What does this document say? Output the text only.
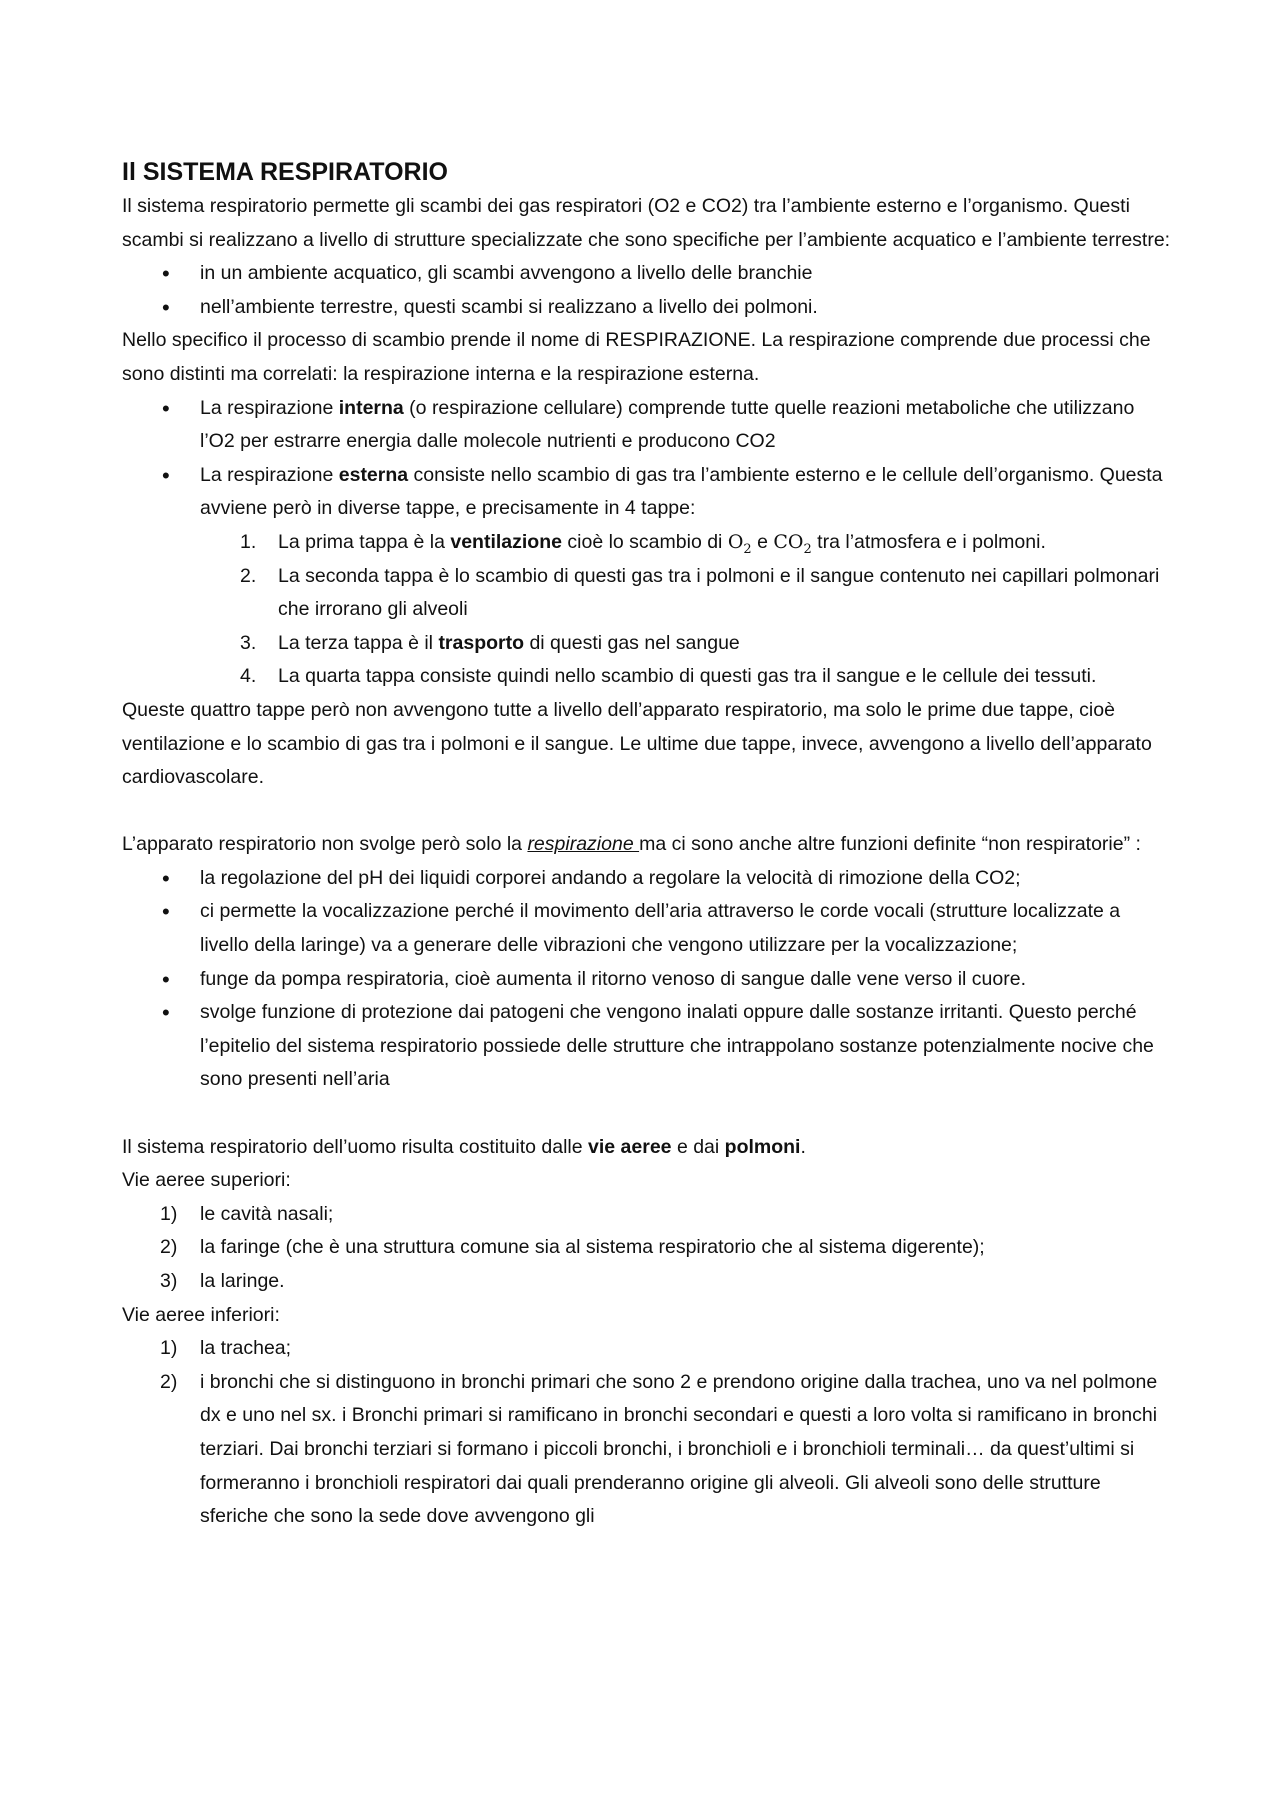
Il SISTEMA RESPIRATORIO

Il sistema respiratorio permette gli scambi dei gas respiratori (O2 e CO2) tra l’ambiente esterno e l’organismo. Questi scambi si realizzano a livello di strutture specializzate che sono specifiche per l’ambiente acquatico e l’ambiente terrestre:

• in un ambiente acquatico, gli scambi avvengono a livello delle branchie
• nell’ambiente terrestre, questi scambi si realizzano a livello dei polmoni.

Nello specifico il processo di scambio prende il nome di RESPIRAZIONE. La respirazione comprende due processi che sono distinti ma correlati: la respirazione interna e la respirazione esterna.

• La respirazione interna (o respirazione cellulare) comprende tutte quelle reazioni metaboliche che utilizzano l’O2 per estrarre energia dalle molecole nutrienti e producono CO2
• La respirazione esterna consiste nello scambio di gas tra l’ambiente esterno e le cellule dell’organismo. Questa avviene però in diverse tappe, e precisamente in 4 tappe:
1. La prima tappa è la ventilazione cioè lo scambio di $O_2$ e $CO_2$ tra l’atmosfera e i polmoni.
2. La seconda tappa è lo scambio di questi gas tra i polmoni e il sangue contenuto nei capillari polmonari che irrorano gli alveoli
3. La terza tappa è il trasporto di questi gas nel sangue
4. La quarta tappa consiste quindi nello scambio di questi gas tra il sangue e le cellule dei tessuti.

Queste quattro tappe però non avvengono tutte a livello dell’apparato respiratorio, ma solo le prime due tappe, cioè ventilazione e lo scambio di gas tra i polmoni e il sangue. Le ultime due tappe, invece, avvengono a livello dell’apparato cardiovascolare.

L’apparato respiratorio non svolge però solo la respirazione ma ci sono anche altre funzioni definite “non respiratorie” :

• la regolazione del pH dei liquidi corporei andando a regolare la velocità di rimozione della CO2;
• ci permette la vocalizzazione perché il movimento dell’aria attraverso le corde vocali (strutture localizzate a livello della laringe) va a generare delle vibrazioni che vengono utilizzare per la vocalizzazione;
• funge da pompa respiratoria, cioè aumenta il ritorno venoso di sangue dalle vene verso il cuore.
• svolge funzione di protezione dai patogeni che vengono inalati oppure dalle sostanze irritanti. Questo perché l’epitelio del sistema respiratorio possiede delle strutture che intrappolano sostanze potenzialmente nocive che sono presenti nell’aria

Il sistema respiratorio dell’uomo risulta costituito dalle vie aeree e dai polmoni.

Vie aeree superiori:

1) le cavità nasali;
2) la faringe (che è una struttura comune sia al sistema respiratorio che al sistema digerente);
3) la laringe.

Vie aeree inferiori:

1) la trachea;
2) i bronchi che si distinguono in bronchi primari che sono 2 e prendono origine dalla trachea, uno va nel polmone dx e uno nel sx. i Bronchi primari si ramificano in bronchi secondari e questi a loro volta si ramificano in bronchi terziari. Dai bronchi terziari si formano i piccoli bronchi, i bronchioli e i bronchioli terminali… da quest’ultimi si formeranno i bronchioli respiratori dai quali prenderanno origine gli alveoli. Gli alveoli sono delle strutture sferiche che sono la sede dove avvengono gli
